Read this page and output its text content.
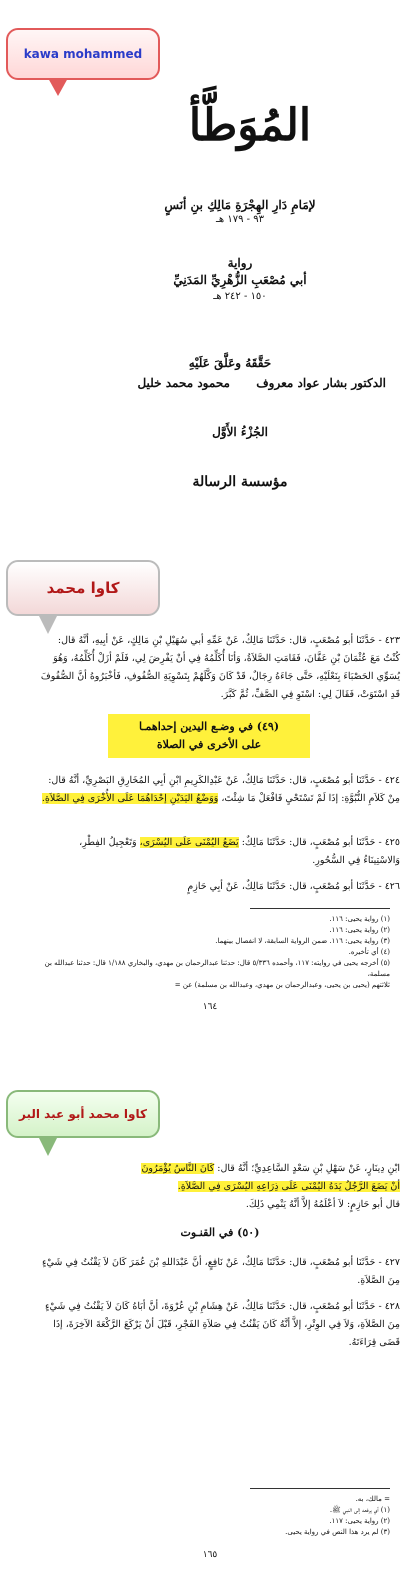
kawa mohammed
المُوَطَّأ
لإمَامِ دَارِ الهِجْرَةِ مَالِكِ بنِ أنَسٍ
٩٣ - ١٧٩ هـ
رواية
أبي مُصْعَبِ الزُّهْرِيِّ المَدَنِيِّ
١٥٠ - ٢٤٢ هـ
حَقَّقَهُ وعَلَّقَ عَلَيْهِ
الدكتور بشار عواد معروف
محمود محمد خليل
الجُزْءُ الأَوَّل
مؤسسة الرسالة
كاوا محمد
٤٢٣ - حَدَّثَنَا أبو مُصْعَبٍ، قال: حَدَّثَنَا مَالِكٌ، عَنْ عَمِّهِ أبي سُهَيْلِ بْنِ مَالِكٍ، عَنْ أبِيهِ، أنَّهُ قال: كُنْتُ مَعَ عُثْمَانَ بْنِ عَفَّانَ، فَقَامَتِ الصَّلاَةُ، وَأنَا أُكَلِّمُهُ فِي أنْ يَفْرِضَ لِي، فَلَمْ أزَلْ أُكَلِّمُهُ، وَهُوَ يُسَوِّي الحَصْبَاءَ بِنَعْلَيْهِ، حَتَّى جَاءَهُ رِجَالٌ، قَدْ كَانَ وَكَّلَهُمْ بِتَسْوِيَةِ الصُّفُوفِ، فَأخْبَرُوهُ أنَّ الصُّفُوفَ قَدِ اسْتَوَتْ، فَقَالَ لِي: اسْتَوِ فِي الصَّفِّ، ثُمَّ كَبَّرَ.
(٤٩) في وضـع اليدين إحداهمـا
على الأخرى في الصلاة
٤٢٤ - حَدَّثَنَا أبو مُصْعَبٍ، قال: حَدَّثَنَا مَالِكٌ، عَنْ عَبْدِالكَرِيمِ ابْنِ أبِي المُخَارِقِ البَصْرِيِّ، أنَّهُ قال: مِنْ كَلاَمِ النُّبُوَّةِ: إذَا لَمْ تَسْتَحْيِ فَافْعَلْ مَا شِئْتَ، وَوَضْعُ اليَدَيْنِ إحْدَاهُمَا عَلَى الأُخْرَى فِي الصَّلاَةِ.
٤٢٥ - حَدَّثَنَا أبو مُصْعَبٍ، قال: حَدَّثَنَا مَالِكٌ: يَضَعُ اليُمْنَى عَلَى اليُسْرَى، وَتَعْجِيلُ الفِطْرِ، وَالاسْتِينَاءُ فِي السُّحُورِ.
٤٢٦ - حَدَّثَنَا أبو مُصْعَبٍ، قال: حَدَّثَنَا مَالِكٌ، عَنْ أبِي حَازِمٍ
(١) رواية يحيى: ١١٦.
(٢) رواية يحيى: ١١٦.
(٣) رواية يحيى: ١١٦. ضمن الرواية السابقة، لا انفصال بينهما.
(٤) أي تأخيره.
(٥) أخرجه يحيى في روايته: ١١٧، وأحمده ٥/٣٣٦ قال: حدثنا عبدالرحمان بن مهدي، والبخاري ١/١٨٨ قال: حدثنا عبدالله بن مسلمة،
ثلاثتهم (يحيى بن يحيى، وعبدالرحمان بن مهدي، وعبدالله بن مسلمة) عن =
١٦٤
كاوا محمد أبو عبد البر
ابْنِ دِينَارٍ، عَنْ سَهْلِ بْنِ سَعْدٍ السَّاعِدِيِّ؛ أنَّهُ قال: كَانَ النَّاسُ يُؤْمَرُونَ
أنْ يَضَعَ الرَّجُلُ يَدَهُ اليُمْنَى عَلَى ذِرَاعِهِ اليُسْرَى فِي الصَّلاَةِ.
قال أبو حَازِمٍ: لاَ أعْلَمُهُ إلاَّ أنَّهُ يَنْمِي ذَلِكَ.
(٥٠) في القنـوت
٤٢٧ - حَدَّثَنَا أبو مُصْعَبٍ، قال: حَدَّثَنَا مَالِكٌ، عَنْ نَافِعٍ، أنَّ عَبْدَاللهِ بْنَ عُمَرَ كَانَ لاَ يَقْنُتُ فِي شَيْءٍ مِنَ الصَّلاَةِ.
٤٢٨ - حَدَّثَنَا أبو مُصْعَبٍ، قال: حَدَّثَنَا مَالِكٌ، عَنْ هِشَامِ بْنِ عُرْوَةَ، أنَّ أبَاهُ كَانَ لاَ يَقْنُتُ فِي شَيْءٍ مِنَ الصَّلاَةِ، وَلاَ فِي الوِتْرِ، إلاَّ أنَّهُ كَانَ يَقْنُتُ فِي صَلاَةِ الفَجْرِ، قَبْلَ أنْ يَرْكَعَ الرَّكْعَةَ الآخِرَةَ، إذَا قَضَى قِرَاءَتَهُ.
= مالك، به.
(١) أي يرفعه إلى النبي ﷺ.
(٢) رواية يحيى: ١١٧.
(٣) لم يرد هذا النص في رواية يحيى.
١٦٥
